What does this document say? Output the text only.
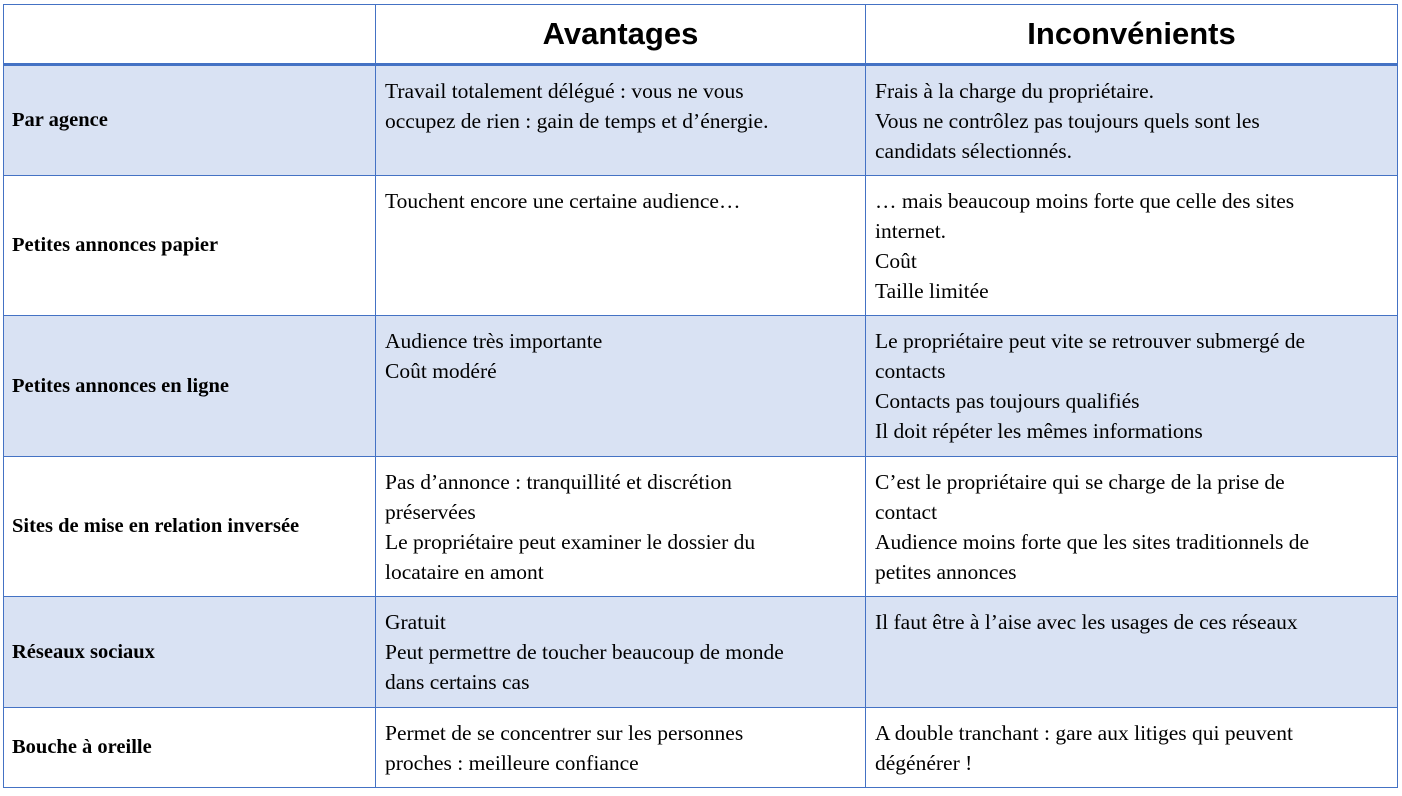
	Avantages	Inconvénients
Par agence	Travail totalement délégué : vous ne vous
occupez de rien : gain de temps et d’énergie.	Frais à la charge du propriétaire.
Vous ne contrôlez pas toujours quels sont les
candidats sélectionnés.

Petites annonces papier	Touchent encore une certaine audience…	… mais beaucoup moins forte que celle des sites
internet.
Coût
Taille limitée

Petites annonces en ligne	Audience très importante
Coût modéré	Le propriétaire peut vite se retrouver submergé de
contacts
Contacts pas toujours qualifiés
Il doit répéter les mêmes informations

Sites de mise en relation inversée	Pas d’annonce : tranquillité et discrétion
préservées
Le propriétaire peut examiner le dossier du
locataire en amont	C’est le propriétaire qui se charge de la prise de
contact
Audience moins forte que les sites traditionnels de
petites annonces

Réseaux sociaux	Gratuit
Peut permettre de toucher beaucoup de monde
dans certains cas	Il faut être à l’aise avec les usages de ces réseaux

Bouche à oreille	Permet de se concentrer sur les personnes
proches : meilleure confiance	A double tranchant : gare aux litiges qui peuvent
dégénérer !
